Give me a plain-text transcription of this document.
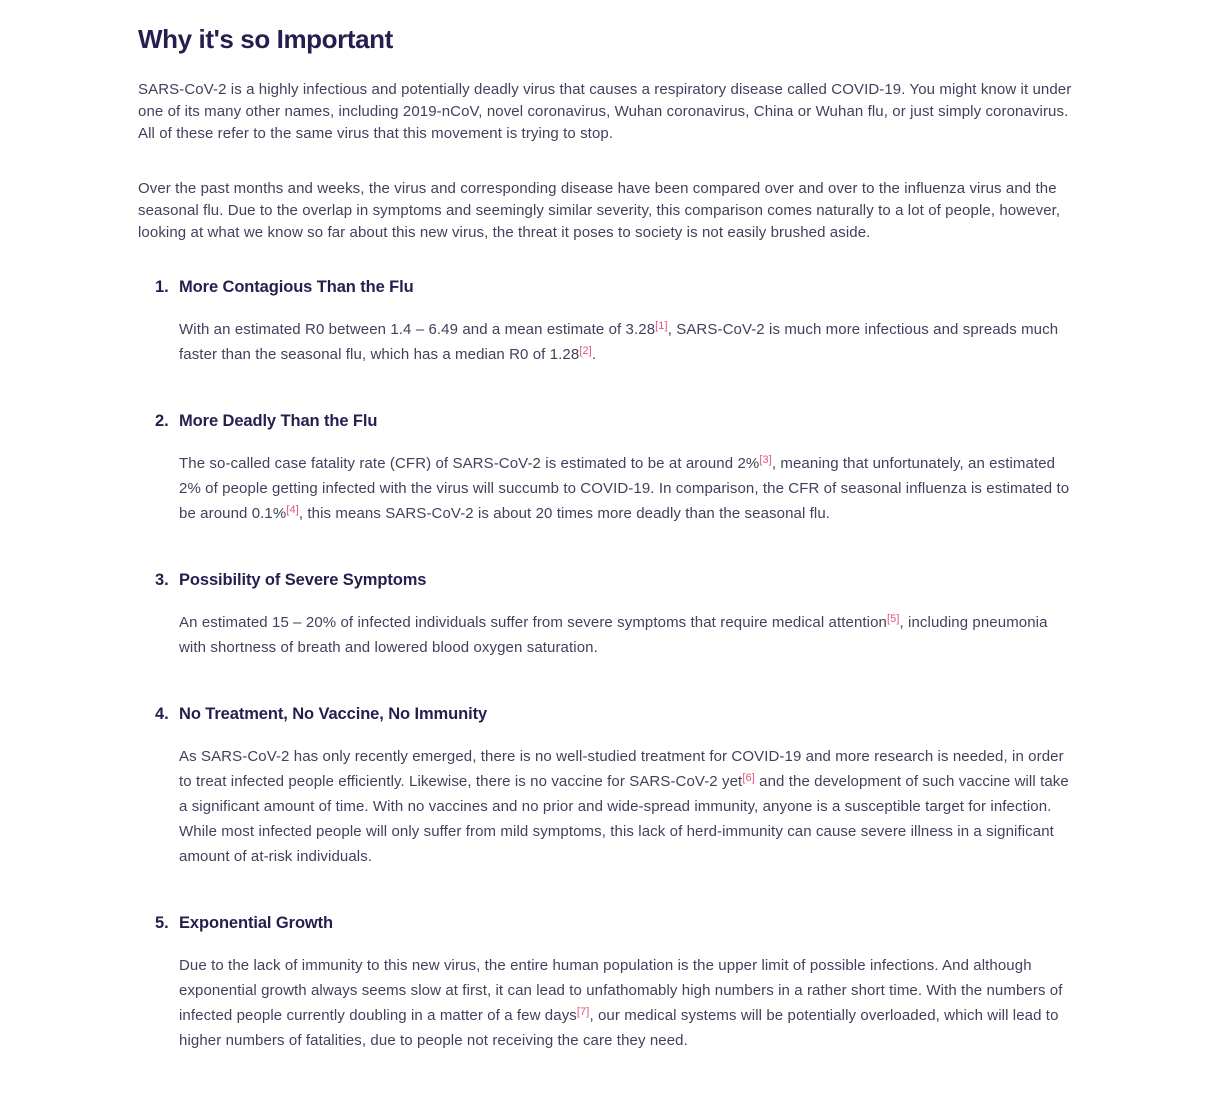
Why it's so Important

SARS-CoV-2 is a highly infectious and potentially deadly virus that causes a respiratory disease called COVID-19. You might know it under one of its many other names, including 2019-nCoV, novel coronavirus, Wuhan coronavirus, China or Wuhan flu, or just simply coronavirus. All of these refer to the same virus that this movement is trying to stop.

Over the past months and weeks, the virus and corresponding disease have been compared over and over to the influenza virus and the seasonal flu. Due to the overlap in symptoms and seemingly similar severity, this comparison comes naturally to a lot of people, however, looking at what we know so far about this new virus, the threat it poses to society is not easily brushed aside.

1. More Contagious Than the Flu

With an estimated R0 between 1.4 – 6.49 and a mean estimate of 3.28[1], SARS-CoV-2 is much more infectious and spreads much faster than the seasonal flu, which has a median R0 of 1.28[2].

2. More Deadly Than the Flu

The so-called case fatality rate (CFR) of SARS-CoV-2 is estimated to be at around 2%[3], meaning that unfortunately, an estimated 2% of people getting infected with the virus will succumb to COVID-19. In comparison, the CFR of seasonal influenza is estimated to be around 0.1%[4], this means SARS-CoV-2 is about 20 times more deadly than the seasonal flu.

3. Possibility of Severe Symptoms

An estimated 15 – 20% of infected individuals suffer from severe symptoms that require medical attention[5], including pneumonia with shortness of breath and lowered blood oxygen saturation.

4. No Treatment, No Vaccine, No Immunity

As SARS-CoV-2 has only recently emerged, there is no well-studied treatment for COVID-19 and more research is needed, in order to treat infected people efficiently. Likewise, there is no vaccine for SARS-CoV-2 yet[6] and the development of such vaccine will take a significant amount of time. With no vaccines and no prior and wide-spread immunity, anyone is a susceptible target for infection. While most infected people will only suffer from mild symptoms, this lack of herd-immunity can cause severe illness in a significant amount of at-risk individuals.

5. Exponential Growth

Due to the lack of immunity to this new virus, the entire human population is the upper limit of possible infections. And although exponential growth always seems slow at first, it can lead to unfathomably high numbers in a rather short time. With the numbers of infected people currently doubling in a matter of a few days[7], our medical systems will be potentially overloaded, which will lead to higher numbers of fatalities, due to people not receiving the care they need.
